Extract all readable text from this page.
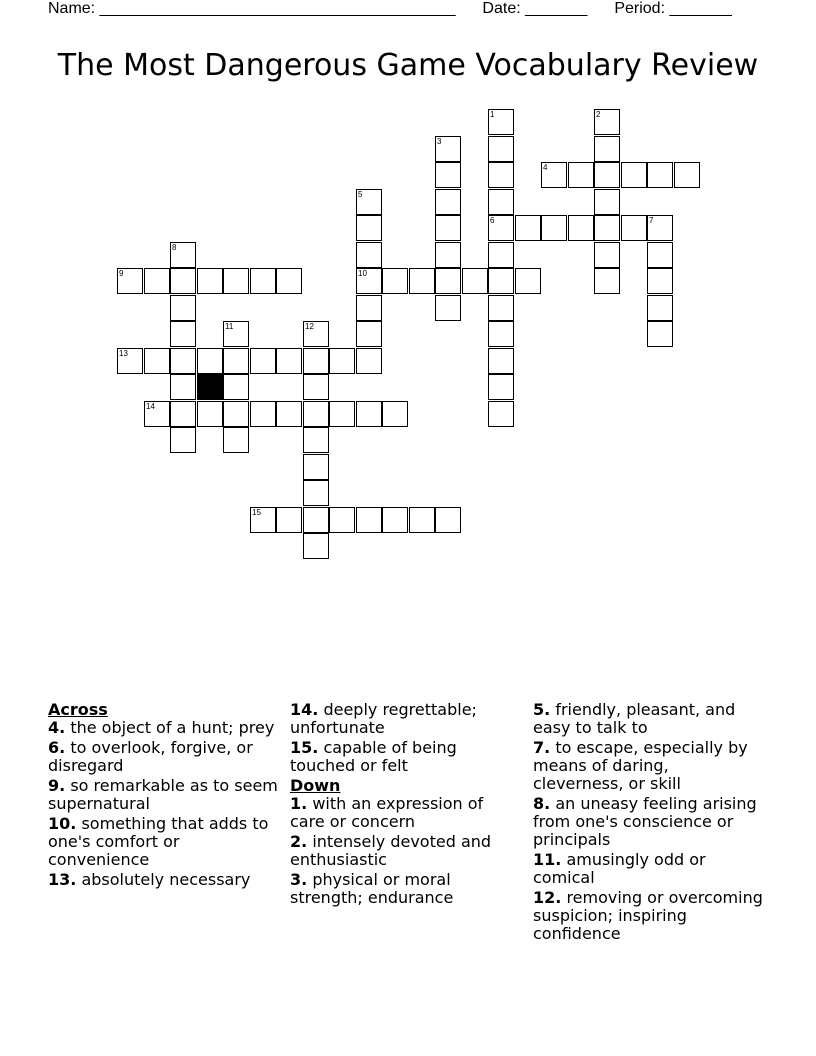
Name: ________________________________________ Date: _______ Period: _______
The Most Dangerous Game Vocabulary Review
1
6
2
3
4
5
10
7
8
9
11	12
13
14
15
Across
4. the object of a hunt; prey
6. to overlook, forgive, or disregard
9. so remarkable as to seem supernatural
10. something that adds to one's comfort or convenience
13. absolutely necessary
14. deeply regrettable; unfortunate
15. capable of being touched or felt
Down
1. with an expression of care or concern
2. intensely devoted and enthusiastic
3. physical or moral strength; endurance
5. friendly, pleasant, and easy to talk to
7. to escape, especially by means of daring, cleverness, or skill
8. an uneasy feeling arising from one's conscience or principals
11. amusingly odd or comical
12. removing or overcoming suspicion; inspiring confidence
